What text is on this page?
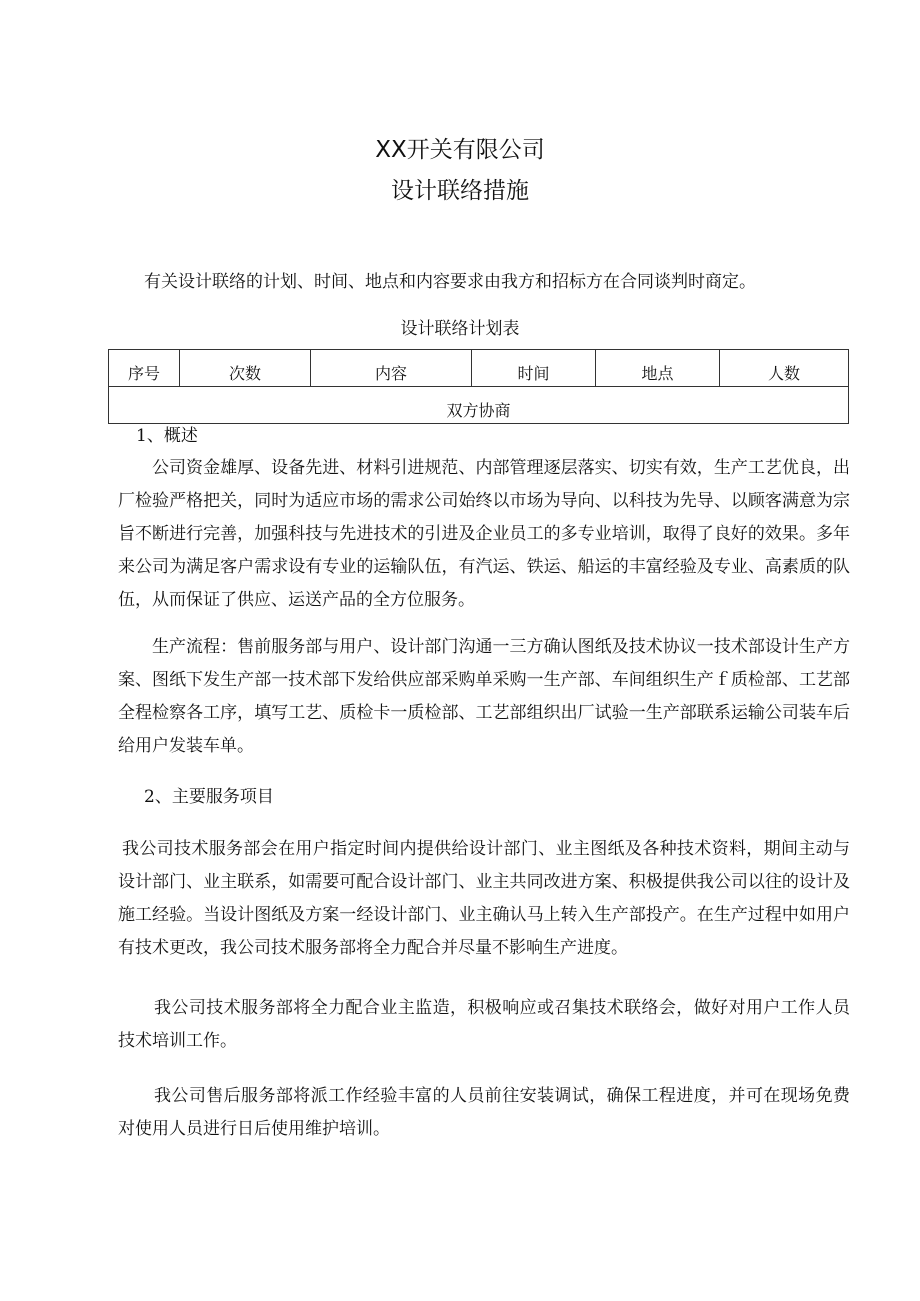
XX开关有限公司
设计联络措施

有关设计联络的计划、时间、地点和内容要求由我方和招标方在合同谈判时商定。

设计联络计划表
序号	次数	内容	时间	地点	人数
双方协商

1、概述

公司资金雄厚、设备先进、材料引进规范、内部管理逐层落实、切实有效，生产工艺优良，出厂检验严格把关，同时为适应市场的需求公司始终以市场为导向、以科技为先导、以顾客满意为宗旨不断进行完善，加强科技与先进技术的引进及企业员工的多专业培训，取得了良好的效果。多年来公司为满足客户需求设有专业的运输队伍，有汽运、铁运、船运的丰富经验及专业、高素质的队伍，从而保证了供应、运送产品的全方位服务。

生产流程：售前服务部与用户、设计部门沟通一三方确认图纸及技术协议一技术部设计生产方案、图纸下发生产部一技术部下发给供应部采购单采购一生产部、车间组织生产ｆ质检部、工艺部全程检察各工序，填写工艺、质检卡一质检部、工艺部组织出厂试验一生产部联系运输公司装车后给用户发装车单。

2、主要服务项目

我公司技术服务部会在用户指定时间内提供给设计部门、业主图纸及各种技术资料，期间主动与设计部门、业主联系，如需要可配合设计部门、业主共同改进方案、积极提供我公司以往的设计及施工经验。当设计图纸及方案一经设计部门、业主确认马上转入生产部投产。在生产过程中如用户有技术更改，我公司技术服务部将全力配合并尽量不影响生产进度。

我公司技术服务部将全力配合业主监造，积极响应或召集技术联络会，做好对用户工作人员技术培训工作。

我公司售后服务部将派工作经验丰富的人员前往安装调试，确保工程进度，并可在现场免费对使用人员进行日后使用维护培训。
